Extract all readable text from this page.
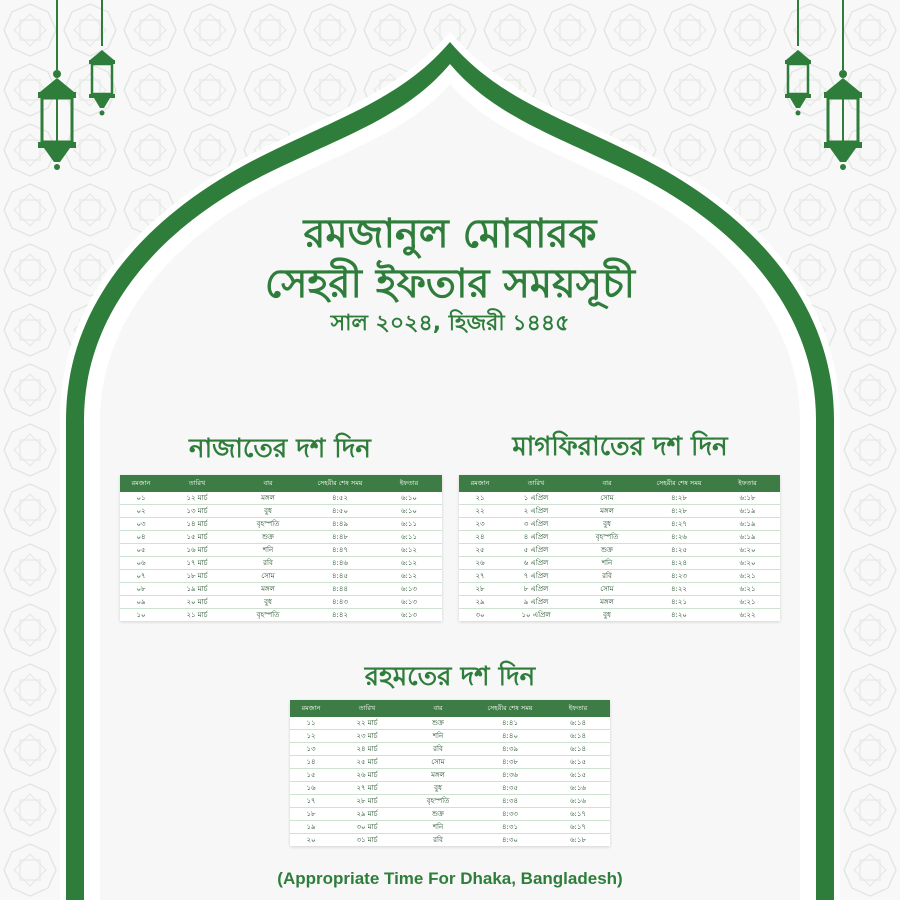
রমজানুল মোবারক
সেহরী ইফতার সময়সূচী
সাল ২০২৪, হিজরী ১৪৪৫
নাজাতের দশ দিন
রমজান	তারিখ	বার	সেহরীর শেষ সময়	ইফতার
০১	১২ মার্চ	মঙ্গল	৪:৫২	৬:১০
০২	১৩ মার্চ	বুধ	৪:৫০	৬:১০
০৩	১৪ মার্চ	বৃহস্পতি	৪:৪৯	৬:১১
০৪	১৫ মার্চ	শুক্র	৪:৪৮	৬:১১
০৫	১৬ মার্চ	শনি	৪:৪৭	৬:১২
০৬	১৭ মার্চ	রবি	৪:৪৬	৬:১২
০৭	১৮ মার্চ	সোম	৪:৪৫	৬:১২
০৮	১৯ মার্চ	মঙ্গল	৪:৪৪	৬:১৩
০৯	২০ মার্চ	বুধ	৪:৪৩	৬:১৩
১০	২১ মার্চ	বৃহস্পতি	৪:৪২	৬:১৩
মাগফিরাতের দশ দিন
রমজান	তারিখ	বার	সেহরীর শেষ সময়	ইফতার
২১	১ এপ্রিল	সোম	৪:২৮	৬:১৮
২২	২ এপ্রিল	মঙ্গল	৪:২৮	৬:১৯
২৩	৩ এপ্রিল	বুধ	৪:২৭	৬:১৯
২৪	৪ এপ্রিল	বৃহস্পতি	৪:২৬	৬:১৯
২৫	৫ এপ্রিল	শুক্র	৪:২৫	৬:২০
২৬	৬ এপ্রিল	শনি	৪:২৪	৬:২০
২৭	৭ এপ্রিল	রবি	৪:২৩	৬:২১
২৮	৮ এপ্রিল	সোম	৪:২২	৬:২১
২৯	৯ এপ্রিল	মঙ্গল	৪:২১	৬:২১
৩০	১০ এপ্রিল	বুধ	৪:২০	৬:২২
রহমতের দশ দিন
রমজান	তারিখ	বার	সেহরীর শেষ সময়	ইফতার
১১	২২ মার্চ	শুক্র	৪:৪১	৬:১৪
১২	২৩ মার্চ	শনি	৪:৪০	৬:১৪
১৩	২৪ মার্চ	রবি	৪:৩৯	৬:১৪
১৪	২৫ মার্চ	সোম	৪:৩৮	৬:১৫
১৫	২৬ মার্চ	মঙ্গল	৪:৩৬	৬:১৫
১৬	২৭ মার্চ	বুধ	৪:৩৫	৬:১৬
১৭	২৮ মার্চ	বৃহস্পতি	৪:৩৪	৬:১৬
১৮	২৯ মার্চ	শুক্র	৪:৩৩	৬:১৭
১৯	৩০ মার্চ	শনি	৪:৩১	৬:১৭
২০	৩১ মার্চ	রবি	৪:৩০	৬:১৮
(Appropriate Time For Dhaka, Bangladesh)
